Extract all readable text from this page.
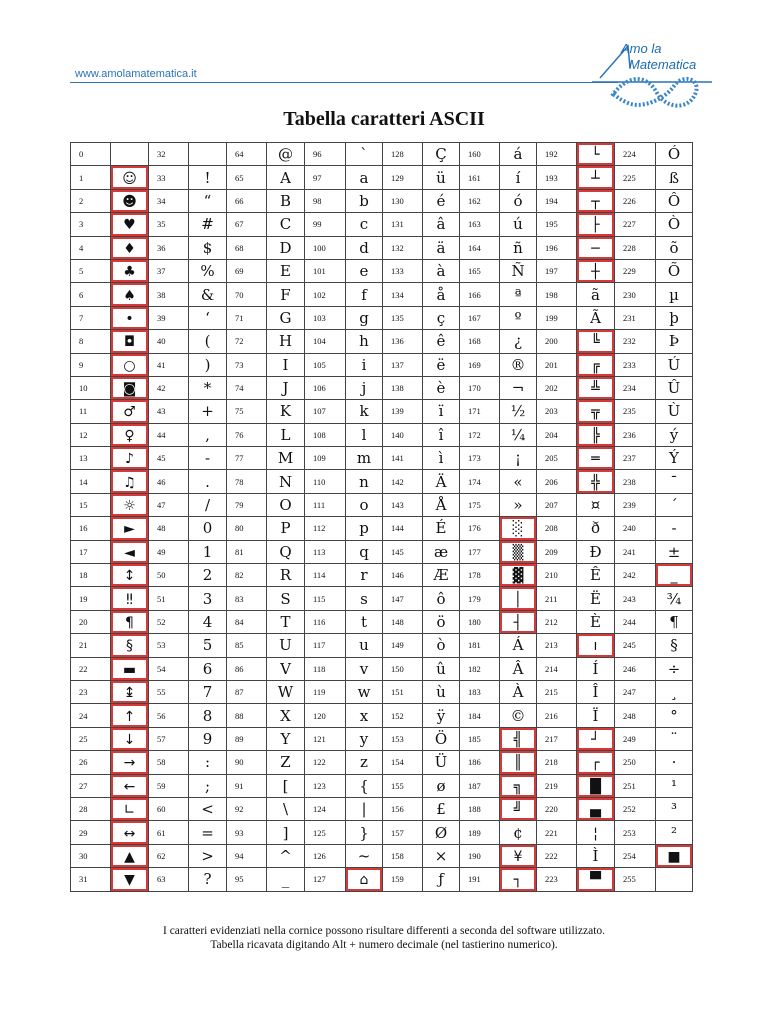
www.amolamatematica.it
Amo la
Matematica
Tabella caratteri ASCII
0		32		64	@	96	`	128	Ç	160	á	192	└	224	Ó
1	☺	33	!	65	A	97	a	129	ü	161	í	193	┴	225	ß
2	☻	34	“	66	B	98	b	130	é	162	ó	194	┬	226	Ô
3	♥	35	#	67	C	99	c	131	â	163	ú	195	├	227	Ò
4	♦	36	$	68	D	100	d	132	ä	164	ñ	196	─	228	õ
5	♣	37	%	69	E	101	e	133	à	165	Ñ	197	┼	229	Õ
6	♠	38	&	70	F	102	f	134	å	166	ª	198	ã	230	µ
7	•	39	‘	71	G	103	g	135	ç	167	º	199	Ã	231	þ
8	◘	40	(	72	H	104	h	136	ê	168	¿	200	╚	232	Þ
9	○	41	)	73	I	105	i	137	ë	169	®	201	╔	233	Ú
10	◙	42	*	74	J	106	j	138	è	170	¬	202	╩	234	Û
11	♂	43	+	75	K	107	k	139	ï	171	½	203	╦	235	Ù
12	♀	44	,	76	L	108	l	140	î	172	¼	204	╠	236	ý
13	♪	45	-	77	M	109	m	141	ì	173	¡	205	═	237	Ý
14	♫	46	.	78	N	110	n	142	Ä	174	«	206	╬	238	¯
15	☼	47	/	79	O	111	o	143	Å	175	»	207	¤	239	´
16	►	48	0	80	P	112	p	144	É	176	░	208	ð	240	-
17	◄	49	1	81	Q	113	q	145	æ	177	▒	209	Ð	241	±
18	↕	50	2	82	R	114	r	146	Æ	178	▓	210	Ê	242	_
19	‼	51	3	83	S	115	s	147	ô	179	│	211	Ë	243	¾
20	¶	52	4	84	T	116	t	148	ö	180	┤	212	È	244	¶
21	§	53	5	85	U	117	u	149	ò	181	Á	213	ı	245	§
22	▬	54	6	86	V	118	v	150	û	182	Â	214	Í	246	÷
23	↨	55	7	87	W	119	w	151	ù	183	À	215	Î	247	¸
24	↑	56	8	88	X	120	x	152	ÿ	184	©	216	Ï	248	°
25	↓	57	9	89	Y	121	y	153	Ö	185	╣	217	┘	249	¨
26	→	58	:	90	Z	122	z	154	Ü	186	║	218	┌	250	·
27	←	59	;	91	[	123	{	155	ø	187	╗	219	█	251	¹
28	∟	60	<	92	\	124	|	156	£	188	╝	220	▄	252	³
29	↔	61	=	93	]	125	}	157	Ø	189	¢	221	¦	253	²
30	▲	62	>	94	^	126	~	158	×	190	¥	222	Ì	254	■
31	▼	63	?	95	_	127	⌂	159	ƒ	191	┐	223	▀	255	
I caratteri evidenziati nella cornice possono risultare differenti a seconda del software utilizzato.
Tabella ricavata digitando Alt + numero decimale (nel tastierino numerico).
